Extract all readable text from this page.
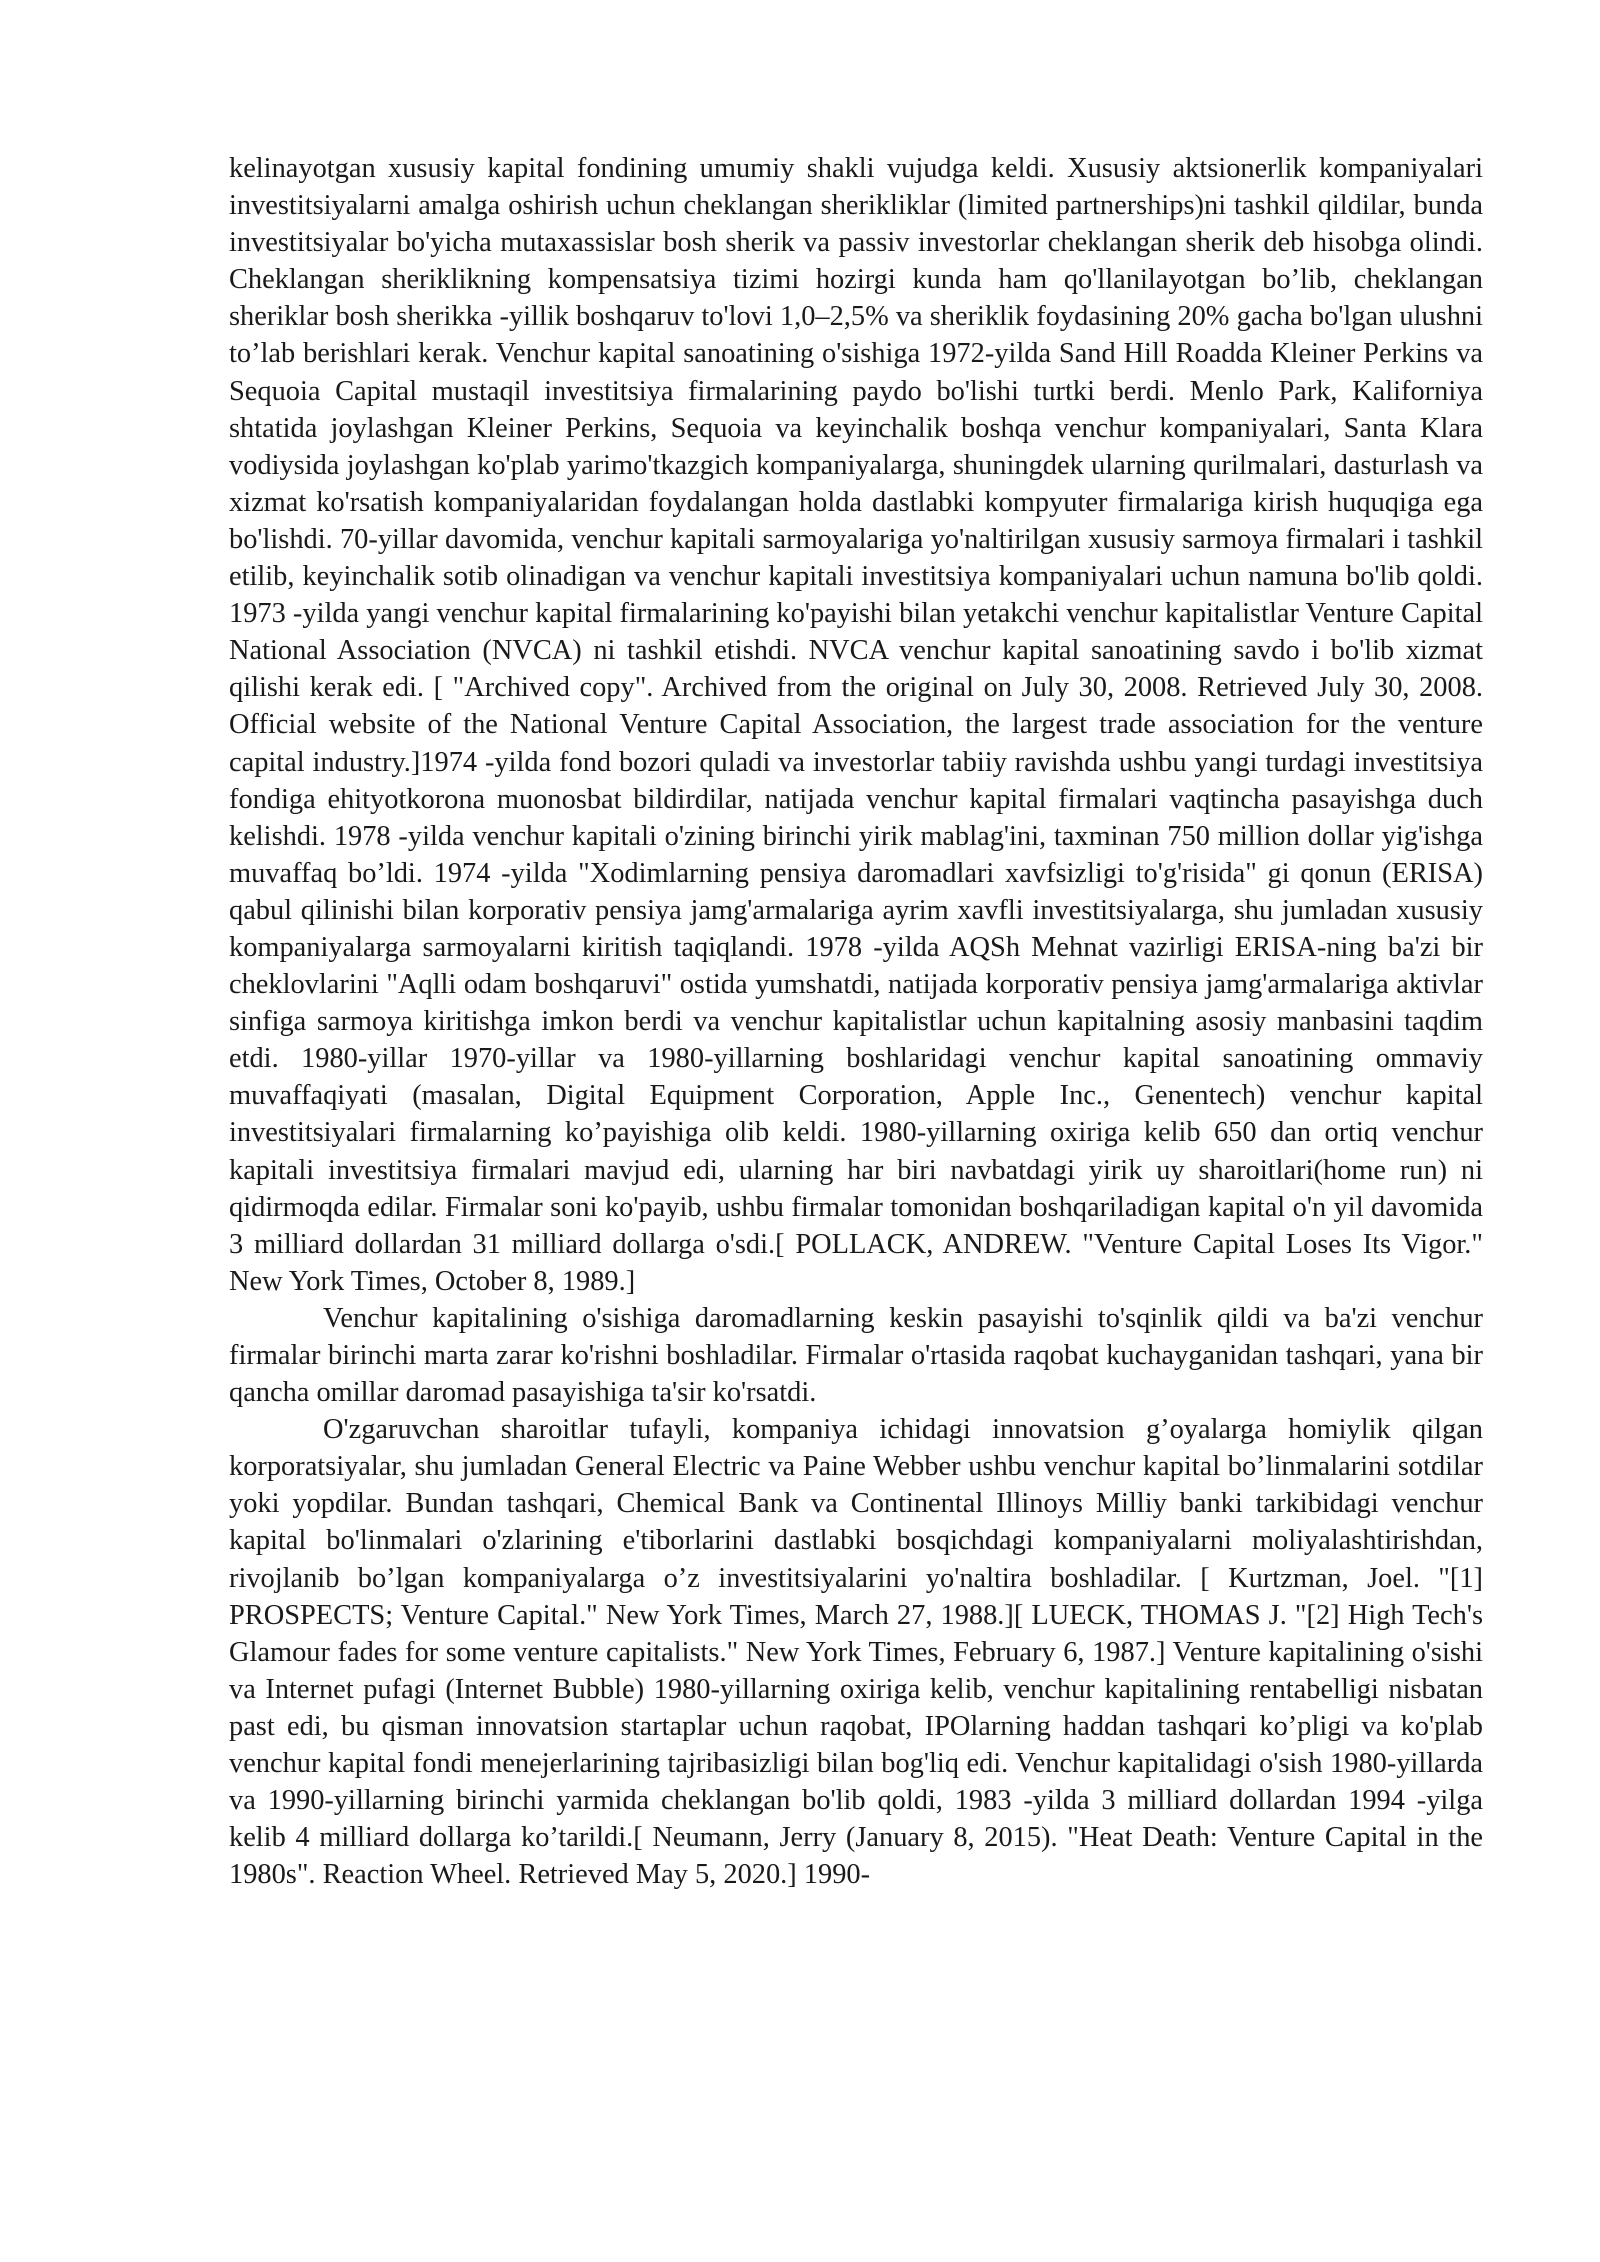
kelinayotgan xususiy kapital fondining umumiy shakli vujudga keldi. Xususiy aktsionerlik kompaniyalari investitsiyalarni amalga oshirish uchun cheklangan sherikliklar (limited partnerships)ni tashkil qildilar, bunda investitsiyalar bo'yicha mutaxassislar bosh sherik va passiv investorlar cheklangan sherik deb hisobga olindi. Cheklangan sheriklikning kompensatsiya tizimi hozirgi kunda ham qo'llanilayotgan bo’lib, cheklangan sheriklar bosh sherikka -yillik boshqaruv to'lovi 1,0–2,5% va sheriklik foydasining 20% gacha bo'lgan ulushni to’lab berishlari kerak. Venchur kapital sanoatining o'sishiga 1972-yilda Sand Hill Roadda Kleiner Perkins va Sequoia Capital mustaqil investitsiya firmalarining paydo bo'lishi turtki berdi. Menlo Park, Kaliforniya shtatida joylashgan Kleiner Perkins, Sequoia va keyinchalik boshqa venchur kompaniyalari, Santa Klara vodiysida joylashgan ko'plab yarimo'tkazgich kompaniyalarga, shuningdek ularning qurilmalari, dasturlash va xizmat ko'rsatish kompaniyalaridan foydalangan holda dastlabki kompyuter firmalariga kirish huquqiga ega bo'lishdi. 70-yillar davomida, venchur kapitali sarmoyalariga yo'naltirilgan xususiy sarmoya firmalari i tashkil etilib, keyinchalik sotib olinadigan va venchur kapitali investitsiya kompaniyalari uchun namuna bo'lib qoldi. 1973 -yilda yangi venchur kapital firmalarining ko'payishi bilan yetakchi venchur kapitalistlar Venture Capital National Association (NVCA) ni tashkil etishdi. NVCA venchur kapital sanoatining savdo i bo'lib xizmat qilishi kerak edi. [ "Archived copy". Archived from the original on July 30, 2008. Retrieved July 30, 2008. Official website of the National Venture Capital Association, the largest trade association for the venture capital industry.]1974 -yilda fond bozori quladi va investorlar tabiiy ravishda ushbu yangi turdagi investitsiya fondiga ehityotkorona muonosbat bildirdilar, natijada venchur kapital firmalari vaqtincha pasayishga duch kelishdi. 1978 -yilda venchur kapitali o'zining birinchi yirik mablag'ini, taxminan 750 million dollar yig'ishga muvaffaq bo’ldi. 1974 -yilda "Xodimlarning pensiya daromadlari xavfsizligi to'g'risida" gi qonun (ERISA) qabul qilinishi bilan korporativ pensiya jamg'armalariga ayrim xavfli investitsiyalarga, shu jumladan xususiy kompaniyalarga sarmoyalarni kiritish taqiqlandi. 1978 -yilda AQSh Mehnat vazirligi ERISA-ning ba'zi bir cheklovlarini "Aqlli odam boshqaruvi" ostida yumshatdi, natijada korporativ pensiya jamg'armalariga aktivlar sinfiga sarmoya kiritishga imkon berdi va venchur kapitalistlar uchun kapitalning asosiy manbasini taqdim etdi. 1980-yillar 1970-yillar va 1980-yillarning boshlaridagi venchur kapital sanoatining ommaviy muvaffaqiyati (masalan, Digital Equipment Corporation, Apple Inc., Genentech) venchur kapital investitsiyalari firmalarning ko’payishiga olib keldi. 1980-yillarning oxiriga kelib 650 dan ortiq venchur kapitali investitsiya firmalari mavjud edi, ularning har biri navbatdagi yirik uy sharoitlari(home run) ni qidirmoqda edilar. Firmalar soni ko'payib, ushbu firmalar tomonidan boshqariladigan kapital o'n yil davomida 3 milliard dollardan 31 milliard dollarga o'sdi.[ POLLACK, ANDREW. "Venture Capital Loses Its Vigor." New York Times, October 8, 1989.]

Venchur kapitalining o'sishiga daromadlarning keskin pasayishi to'sqinlik qildi va ba'zi venchur firmalar birinchi marta zarar ko'rishni boshladilar. Firmalar o'rtasida raqobat kuchayganidan tashqari, yana bir qancha omillar daromad pasayishiga ta'sir ko'rsatdi.

O'zgaruvchan sharoitlar tufayli, kompaniya ichidagi innovatsion g’oyalarga homiylik qilgan korporatsiyalar, shu jumladan General Electric va Paine Webber ushbu venchur kapital bo’linmalarini sotdilar yoki yopdilar. Bundan tashqari, Chemical Bank va Continental Illinoys Milliy banki tarkibidagi venchur kapital bo'linmalari o'zlarining e'tiborlarini dastlabki bosqichdagi kompaniyalarni moliyalashtirishdan, rivojlanib bo’lgan kompaniyalarga o’z investitsiyalarini yo'naltira boshladilar. [ Kurtzman, Joel. "[1] PROSPECTS; Venture Capital." New York Times, March 27, 1988.][ LUECK, THOMAS J. "[2] High Tech's Glamour fades for some venture capitalists." New York Times, February 6, 1987.] Venture kapitalining o'sishi va Internet pufagi (Internet Bubble) 1980-yillarning oxiriga kelib, venchur kapitalining rentabelligi nisbatan past edi, bu qisman innovatsion startaplar uchun raqobat, IPOlarning haddan tashqari ko’pligi va ko'plab venchur kapital fondi menejerlarining tajribasizligi bilan bog'liq edi. Venchur kapitalidagi o'sish 1980-yillarda va 1990-yillarning birinchi yarmida cheklangan bo'lib qoldi, 1983 -yilda 3 milliard dollardan 1994 -yilga kelib 4 milliard dollarga ko’tarildi.[ Neumann, Jerry (January 8, 2015). "Heat Death: Venture Capital in the 1980s". Reaction Wheel. Retrieved May 5, 2020.] 1990-
